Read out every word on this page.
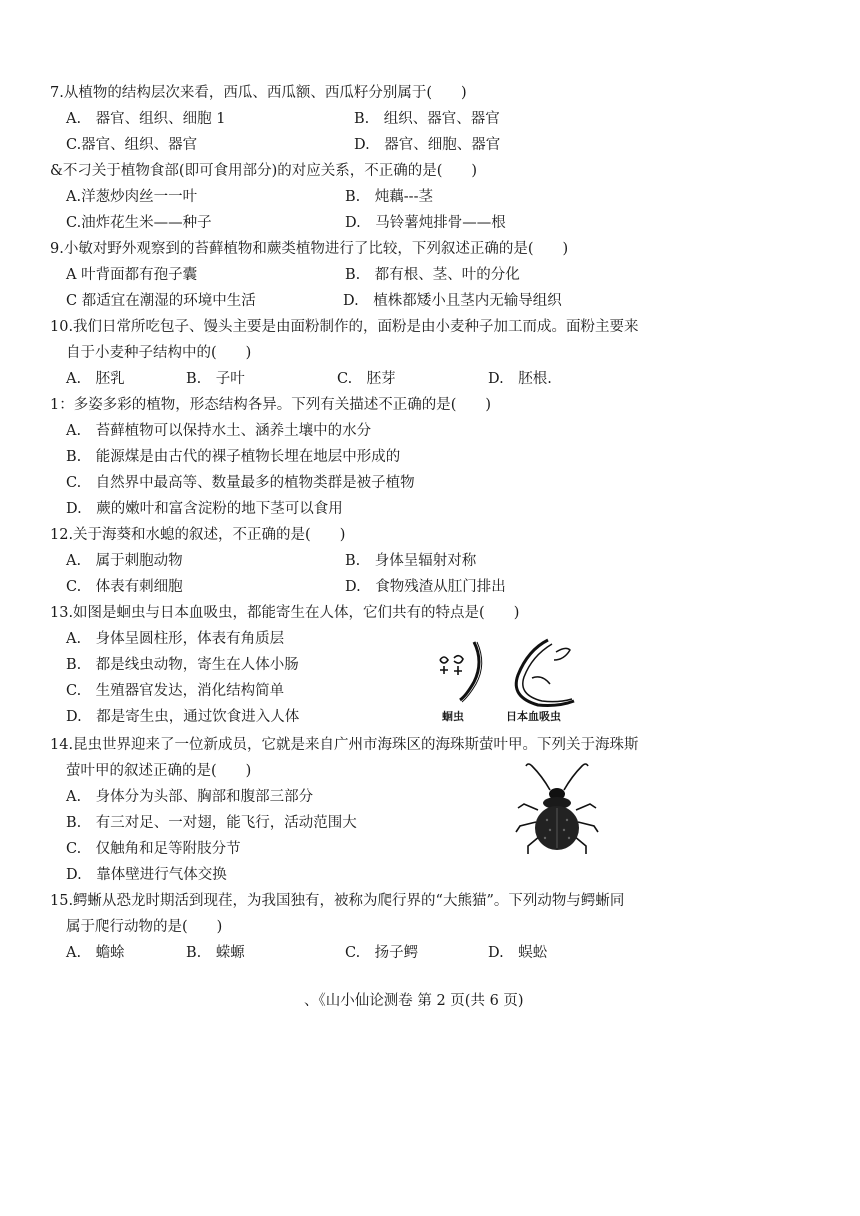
7.从植物的结构层次来看，西瓜、西瓜额、西瓜籽分别属于(　　)
A.　器官、组织、细胞 1	B.　组织、器官、器官
C.器官、组织、器官	D.　器官、细胞、器官
&不刁关于植物食部(即可食用部分)的对应关系，不正确的是(　　)
A.洋葱炒肉丝一一叶	B.　炖藕---茎
C.油炸花生米——种子	D.　马铃薯炖排骨——根
9.小敏对野外观察到的苔藓植物和蕨类植物进行了比较，下列叙述正确的是(　　)
A 叶背面都有孢子囊	B.　都有根、茎、叶的分化
C 都适宜在潮湿的环境中生活	D.　植株都矮小且茎内无输导组织
10.我们日常所吃包子、馒头主要是由面粉制作的，面粉是由小麦种子加工而成。面粉主要来
自于小麦种子结构中的(　　)
A.　胚乳	B.　子叶	C.　胚芽	D.　胚根.
1：多姿多彩的植物，形态结构各异。下列有关描述不正确的是(　　)
A.　苔藓植物可以保持水土、涵养土壤中的水分
B.　能源煤是由古代的裸子植物长埋在地层中形成的
C.　自然界中最高等、数量最多的植物类群是被子植物
D.　蕨的嫩叶和富含淀粉的地下茎可以食用
12.关于海葵和水螅的叙述，不正确的是(　　)
A.　属于刺胞动物	B.　身体呈辐射对称
C.　体表有刺细胞	D.　食物残渣从肛门排出
13.如图是蛔虫与日本血吸虫，都能寄生在人体，它们共有的特点是(　　)
A.　身体呈圆柱形，体表有角质层
B.　都是线虫动物，寄生在人体小肠
C.　生殖器官发达，消化结构简单
D.　都是寄生虫，通过饮食进入人体	蛔虫	日本血吸虫
14.昆虫世界迎来了一位新成员，它就是来自广州市海珠区的海珠斯萤叶甲。下列关于海珠斯
萤叶甲的叙述正确的是(　　)
A.　身体分为头部、胸部和腹部三部分
B.　有三对足、一对翅，能飞行，活动范围大
C.　仅触角和足等附肢分节
D.　靠体壁进行气体交换
15.鳄蜥从恐龙时期活到现荏，为我国独有，被称为爬行界的“大熊猫”。下列动物与鳄蜥同
属于爬行动物的是(　　)
A.　蟾蜍	B.　蝾螈	C.　扬子鳄	D.　蜈蚣
、《山小仙论测卷 第 2 页(共 6 页)
